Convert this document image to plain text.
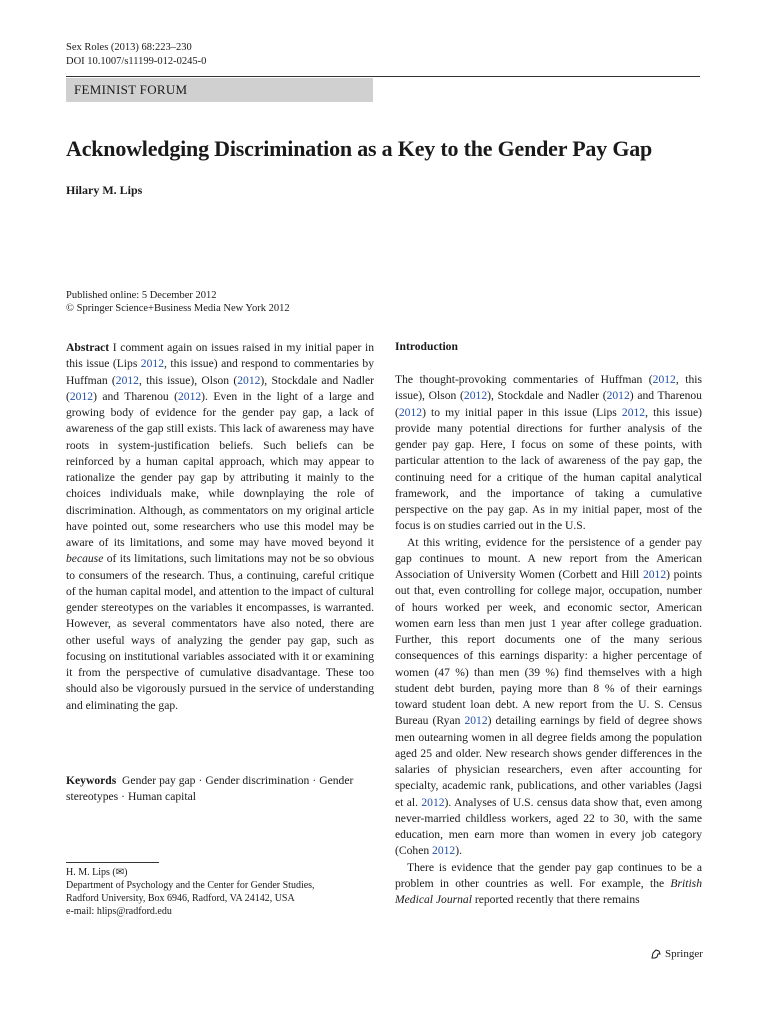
Sex Roles (2013) 68:223–230
DOI 10.1007/s11199-012-0245-0
FEMINIST FORUM
Acknowledging Discrimination as a Key to the Gender Pay Gap
Hilary M. Lips
Published online: 5 December 2012
© Springer Science+Business Media New York 2012

Abstract I comment again on issues raised in my initial paper in this issue (Lips 2012, this issue) and respond to commentaries by Huffman (2012, this issue), Olson (2012), Stockdale and Nadler (2012) and Tharenou (2012). Even in the light of a large and growing body of evidence for the gender pay gap, a lack of awareness of the gap still exists. This lack of awareness may have roots in system-justification beliefs. Such beliefs can be reinforced by a human capital approach, which may appear to rationalize the gender pay gap by attributing it mainly to the choices individuals make, while downplaying the role of discrimination. Although, as commentators on my original article have pointed out, some researchers who use this model may be aware of its limitations, and some may have moved beyond it because of its limitations, such limitations may not be so obvious to consumers of the research. Thus, a continuing, careful critique of the human capital model, and attention to the impact of cultural gender stereotypes on the variables it encompasses, is warranted. However, as several commentators have also noted, there are other useful ways of analyzing the gender pay gap, such as focusing on institutional variables associated with it or examining it from the perspective of cumulative disadvantage. These too should also be vigorously pursued in the service of understanding and eliminating the gap.

Keywords Gender pay gap · Gender discrimination · Gender stereotypes · Human capital
H. M. Lips (✉)
Department of Psychology and the Center for Gender Studies,
Radford University, Box 6946, Radford, VA 24142, USA
e-mail: hlips@radford.edu
Introduction

The thought-provoking commentaries of Huffman (2012, this issue), Olson (2012), Stockdale and Nadler (2012) and Tharenou (2012) to my initial paper in this issue (Lips 2012, this issue) provide many potential directions for further analysis of the gender pay gap. Here, I focus on some of these points, with particular attention to the lack of awareness of the pay gap, the continuing need for a critique of the human capital analytical framework, and the importance of taking a cumulative perspective on the pay gap. As in my initial paper, most of the focus is on studies carried out in the U.S.

At this writing, evidence for the persistence of a gender pay gap continues to mount. A new report from the American Association of University Women (Corbett and Hill 2012) points out that, even controlling for college major, occupation, number of hours worked per week, and economic sector, American women earn less than men just 1 year after college graduation. Further, this report documents one of the many serious consequences of this earnings disparity: a higher percentage of women (47 %) than men (39 %) find themselves with a high student debt burden, paying more than 8 % of their earnings toward student loan debt. A new report from the U. S. Census Bureau (Ryan 2012) detailing earnings by field of degree shows men outearning women in all degree fields among the population aged 25 and older. New research shows gender differences in the salaries of physician researchers, even after accounting for specialty, academic rank, publications, and other variables (Jagsi et al. 2012). Analyses of U.S. census data show that, even among never-married childless workers, aged 22 to 30, with the same education, men earn more than women in every job category (Cohen 2012).

There is evidence that the gender pay gap continues to be a problem in other countries as well. For example, the British Medical Journal reported recently that there remains

Springer
